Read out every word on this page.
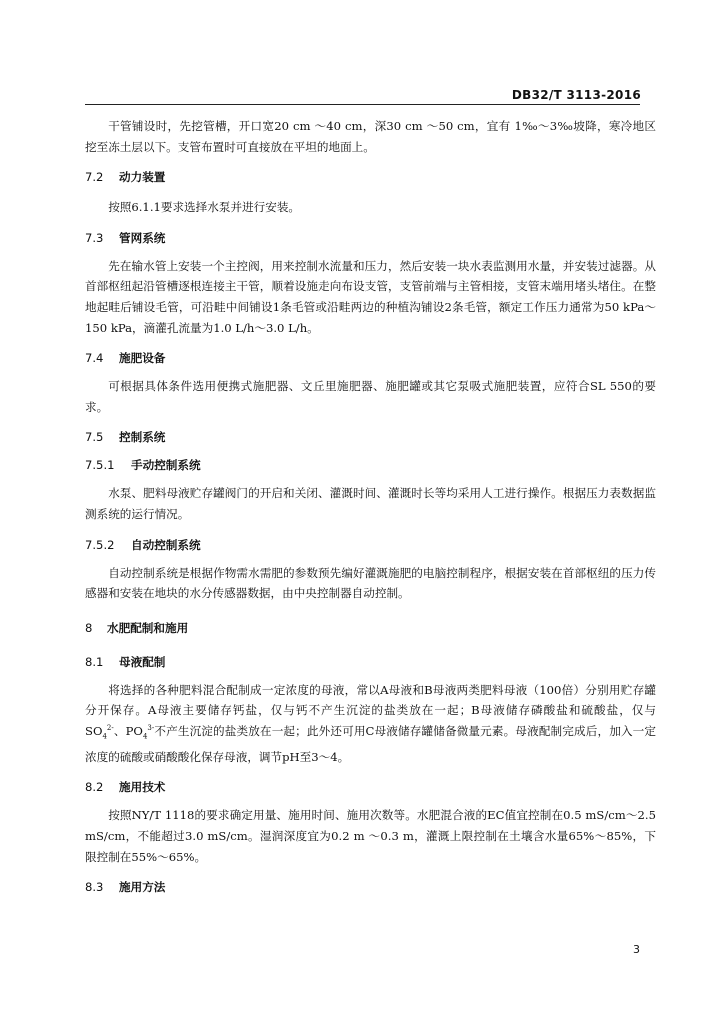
DB32/T 3113-2016

干管铺设时，先挖管槽，开口宽20 cm ～40 cm，深30 cm ～50 cm，宜有 1‰～3‰坡降，寒冷地区挖至冻土层以下。支管布置时可直接放在平坦的地面上。

7.2 动力装置

按照6.1.1要求选择水泵并进行安装。

7.3 管网系统

先在输水管上安装一个主控阀，用来控制水流量和压力，然后安装一块水表监测用水量，并安装过滤器。从首部枢纽起沿管槽逐根连接主干管，顺着设施走向布设支管，支管前端与主管相接，支管末端用堵头堵住。在整地起畦后铺设毛管，可沿畦中间铺设1条毛管或沿畦两边的种植沟铺设2条毛管，额定工作压力通常为50 kPa～150 kPa，滴灌孔流量为1.0 L/h～3.0 L/h。

7.4 施肥设备

可根据具体条件选用便携式施肥器、文丘里施肥器、施肥罐或其它泵吸式施肥装置，应符合SL 550的要求。

7.5 控制系统

7.5.1 手动控制系统

水泵、肥料母液贮存罐阀门的开启和关闭、灌溉时间、灌溉时长等均采用人工进行操作。根据压力表数据监测系统的运行情况。

7.5.2 自动控制系统

自动控制系统是根据作物需水需肥的参数预先编好灌溉施肥的电脑控制程序，根据安装在首部枢纽的压力传感器和安装在地块的水分传感器数据，由中央控制器自动控制。

8 水肥配制和施用

8.1 母液配制

将选择的各种肥料混合配制成一定浓度的母液，常以A母液和B母液两类肥料母液（100倍）分别用贮存罐分开保存。A母液主要储存钙盐，仅与钙不产生沉淀的盐类放在一起；B母液储存磷酸盐和硫酸盐，仅与 $SO_4^{2-}$、$PO_4^{3-}$不产生沉淀的盐类放在一起；此外还可用C母液储存罐储备微量元素。母液配制完成后，加入一定浓度的硫酸或硝酸酸化保存母液，调节pH至3～4。

8.2 施用技术

按照NY/T 1118的要求确定用量、施用时间、施用次数等。水肥混合液的EC值宜控制在0.5 mS/cm～2.5 mS/cm，不能超过3.0 mS/cm。湿润深度宜为0.2 m ～0.3 m，灌溉上限控制在土壤含水量65%～85%，下限控制在55%～65%。

8.3 施用方法

3
